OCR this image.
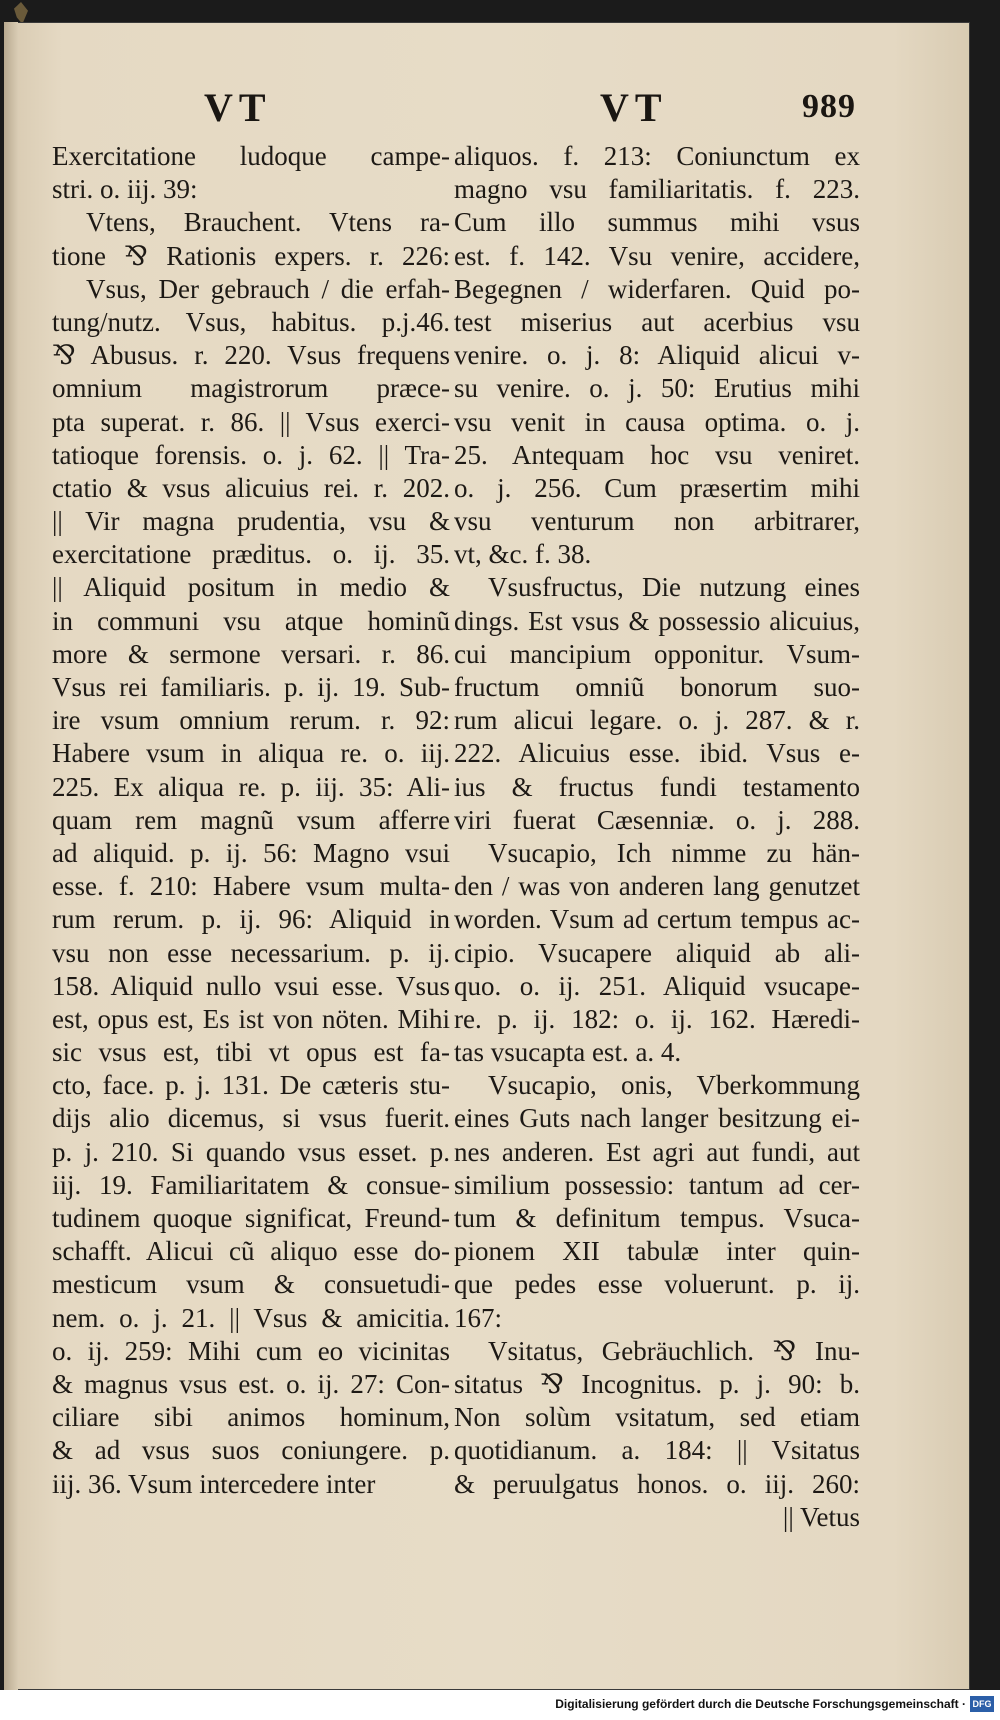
VT	VT	989
Exercitatione ludoque campe-
stri. o. iij. 39:
Vtens, Brauchent. Vtens ra-
tione ⅋ Rationis expers. r. 226:
Vsus, Der gebrauch / die erfah-
tung/nutz. Vsus, habitus. p.j.46.
⅋ Abusus. r. 220. Vsus frequens
omnium magistrorum præce-
pta superat. r. 86. || Vsus exerci-
tatioque forensis. o. j. 62. || Tra-
ctatio & vsus alicuius rei. r. 202.
|| Vir magna prudentia, vsu &
exercitatione præditus. o. ij. 35.
|| Aliquid positum in medio &
in communi vsu atque hominũ
more & sermone versari. r. 86.
Vsus rei familiaris. p. ij. 19. Sub-
ire vsum omnium rerum. r. 92:
Habere vsum in aliqua re. o. iij.
225. Ex aliqua re. p. iij. 35: Ali-
quam rem magnũ vsum afferre
ad aliquid. p. ij. 56: Magno vsui
esse. f. 210: Habere vsum multa-
rum rerum. p. ij. 96: Aliquid in
vsu non esse necessarium. p. ij.
158. Aliquid nullo vsui esse. Vsus
est, opus est, Es ist von nöten. Mihi
sic vsus est, tibi vt opus est fa-
cto, face. p. j. 131. De cæteris stu-
dijs alio dicemus, si vsus fuerit.
p. j. 210. Si quando vsus esset. p.
iij. 19. Familiaritatem & consue-
tudinem quoque significat, Freund-
schafft. Alicui cũ aliquo esse do-
mesticum vsum & consuetudi-
nem. o. j. 21. || Vsus & amicitia.
o. ij. 259: Mihi cum eo vicinitas
& magnus vsus est. o. ij. 27: Con-
ciliare sibi animos hominum,
& ad vsus suos coniungere. p.
iij. 36. Vsum intercedere inter
aliquos. f. 213: Coniunctum ex
magno vsu familiaritatis. f. 223.
Cum illo summus mihi vsus
est. f. 142. Vsu venire, accidere,
Begegnen / widerfaren. Quid po-
test miserius aut acerbius vsu
venire. o. j. 8: Aliquid alicui v-
su venire. o. j. 50: Erutius mihi
vsu venit in causa optima. o. j.
25. Antequam hoc vsu veniret.
o. j. 256. Cum præsertim mihi
vsu venturum non arbitrarer,
vt, &c. f. 38.
Vsusfructus, Die nutzung eines
dings. Est vsus & possessio alicuius,
cui mancipium opponitur. Vsum-
fructum omniũ bonorum suo-
rum alicui legare. o. j. 287. & r.
222. Alicuius esse. ibid. Vsus e-
ius & fructus fundi testamento
viri fuerat Cæsenniæ. o. j. 288.
Vsucapio, Ich nimme zu hän-
den / was von anderen lang genutzet
worden. Vsum ad certum tempus ac-
cipio. Vsucapere aliquid ab ali-
quo. o. ij. 251. Aliquid vsucape-
re. p. ij. 182: o. ij. 162. Hæredi-
tas vsucapta est. a. 4.
Vsucapio, onis, Vberkommung
eines Guts nach langer besitzung ei-
nes anderen. Est agri aut fundi, aut
similium possessio: tantum ad cer-
tum & definitum tempus. Vsuca-
pionem XII tabulæ inter quin-
que pedes esse voluerunt. p. ij.
167:
Vsitatus, Gebräuchlich. ⅋ Inu-
sitatus ⅋ Incognitus. p. j. 90: b.
Non solùm vsitatum, sed etiam
quotidianum. a. 184: || Vsitatus
& peruulgatus honos. o. iij. 260:
|| Vetus
Digitalisierung gefördert durch die Deutsche Forschungsgemeinschaft · DFG
